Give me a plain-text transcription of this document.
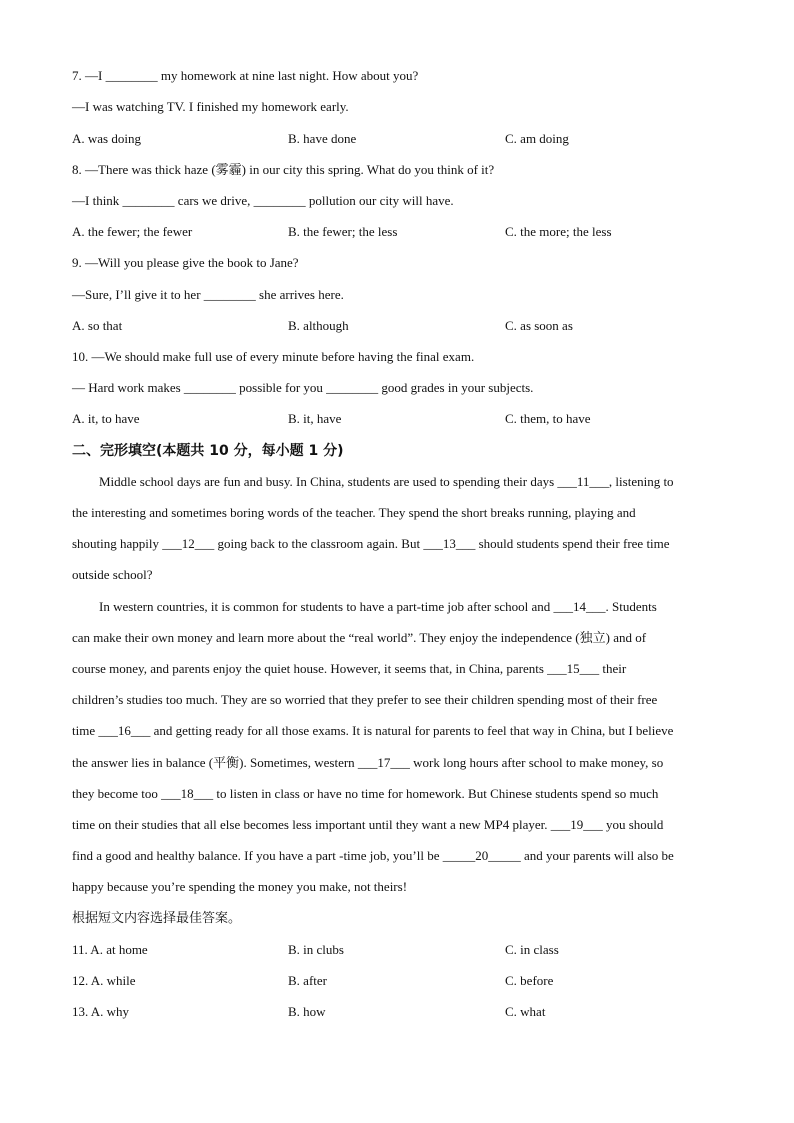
7. —I ________ my homework at nine last night. How about you?
—I was watching TV. I finished my homework early.
A. was doing	B. have done	C. am doing
8. —There was thick haze (雾霾) in our city this spring. What do you think of it?
—I think ________ cars we drive, ________ pollution our city will have.
A. the fewer; the fewer	B. the fewer; the less	C. the more; the less
9. —Will you please give the book to Jane?
—Sure, I’ll give it to her ________ she arrives here.
A. so that	B. although	C. as soon as
10. —We should make full use of every minute before having the final exam.
— Hard work makes ________ possible for you ________ good grades in your subjects.
A. it, to have	B. it, have	C. them, to have
二、完形填空(本题共 10 分，每小题 1 分)
Middle school days are fun and busy. In China, students are used to spending their days ___11___, listening to
the interesting and sometimes boring words of the teacher. They spend the short breaks running, playing and
shouting happily ___12___ going back to the classroom again. But ___13___ should students spend their free time
outside school?
In western countries, it is common for students to have a part-time job after school and ___14___. Students
can make their own money and learn more about the “real world”. They enjoy the independence (独立) and of
course money, and parents enjoy the quiet house. However, it seems that, in China, parents ___15___ their
children’s studies too much. They are so worried that they prefer to see their children spending most of their free
time ___16___ and getting ready for all those exams. It is natural for parents to feel that way in China, but I believe
the answer lies in balance (平衡). Sometimes, western ___17___ work long hours after school to make money, so
they become too ___18___ to listen in class or have no time for homework. But Chinese students spend so much
time on their studies that all else becomes less important until they want a new MP4 player. ___19___ you should
find a good and healthy balance. If you have a part -time job, you’ll be _____20_____ and your parents will also be
happy because you’re spending the money you make, not theirs!
根据短文内容选择最佳答案。
11. A. at home	B. in clubs	C. in class
12. A. while	B. after	C. before
13. A. why	B. how	C. what
